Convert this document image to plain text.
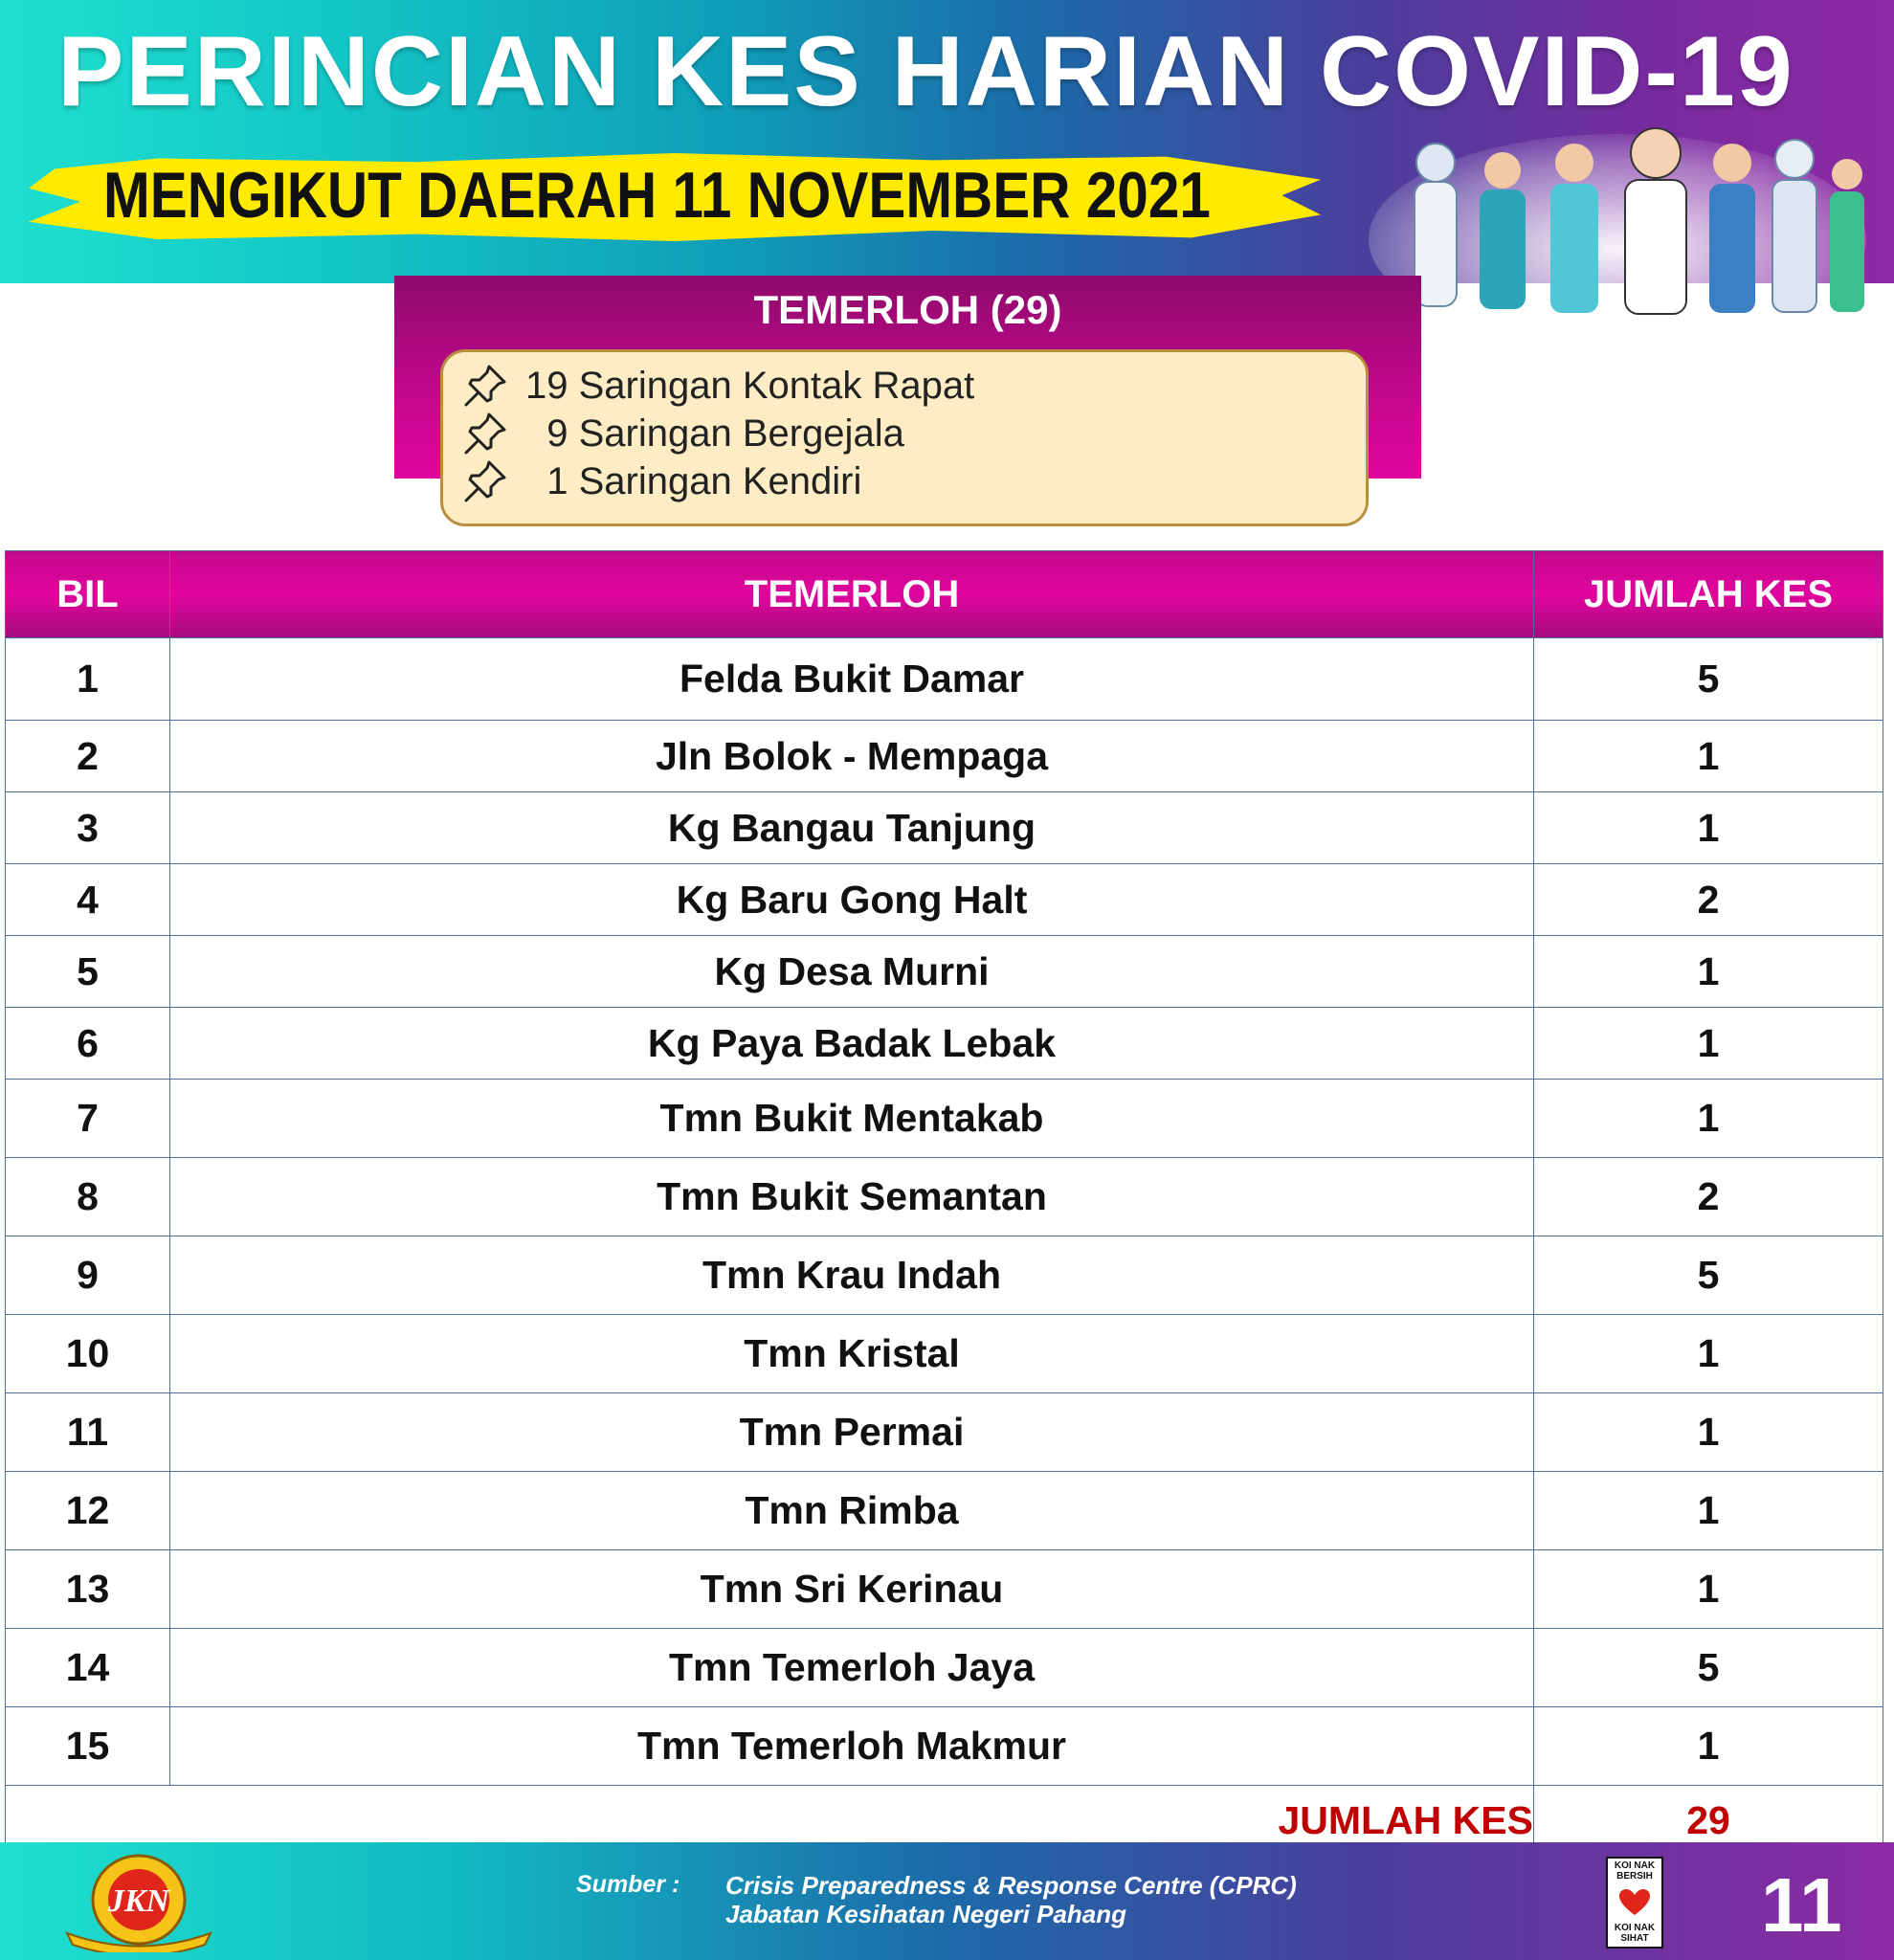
PERINCIAN KES HARIAN COVID-19
MENGIKUT DAERAH 11 NOVEMBER 2021
TEMERLOH (29)
19 Saringan Kontak Rapat
9 Saringan Bergejala
1 Saringan Kendiri
BIL	TEMERLOH	JUMLAH KES
1	Felda Bukit Damar	5
2	Jln Bolok - Mempaga	1
3	Kg Bangau Tanjung	1
4	Kg Baru Gong Halt	2
5	Kg Desa Murni	1
6	Kg Paya Badak Lebak	1
7	Tmn Bukit Mentakab	1
8	Tmn Bukit Semantan	2
9	Tmn Krau Indah	5
10	Tmn Kristal	1
11	Tmn Permai	1
12	Tmn Rimba	1
13	Tmn Sri Kerinau	1
14	Tmn Temerloh Jaya	5
15	Tmn Temerloh Makmur	1
JUMLAH KES		29
JKN	Sumber : Crisis Preparedness & Response Centre (CPRC)
Jabatan Kesihatan Negeri Pahang
KOI NAK BERSIH
KOI NAK SIHAT 11
